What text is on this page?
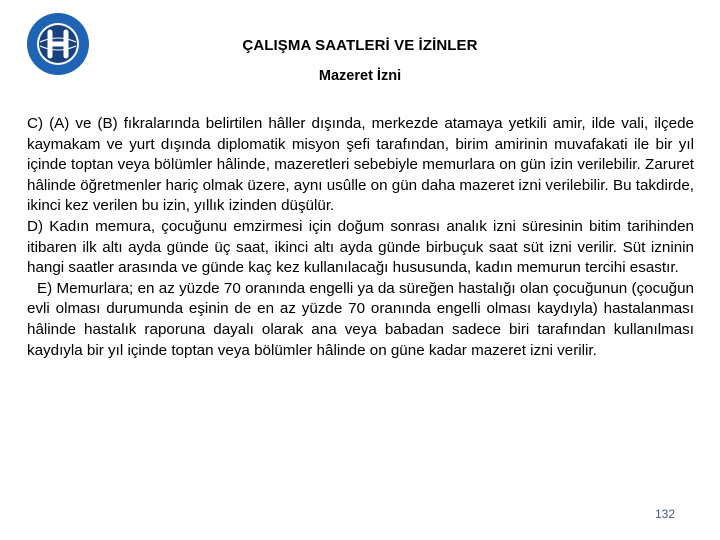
ÇALIŞMA SAATLERİ VE İZİNLER
Mazeret İzni

C) (A) ve (B) fıkralarında belirtilen hâller dışında, merkezde atamaya yetkili amir, ilde vali, ilçede kaymakam ve yurt dışında diplomatik misyon şefi tarafından, birim amirinin muvafakati ile bir yıl içinde toptan veya bölümler hâlinde, mazeretleri sebebiyle memurlara on gün izin verilebilir. Zaruret hâlinde öğretmenler hariç olmak üzere, aynı usûlle on gün daha mazeret izni verilebilir. Bu takdirde, ikinci kez verilen bu izin, yıllık izinden düşülür.

D) Kadın memura, çocuğunu emzirmesi için doğum sonrası analık izni süresinin bitim tarihinden itibaren ilk altı ayda günde üç saat, ikinci altı ayda günde birbuçuk saat süt izni verilir. Süt izninin hangi saatler arasında ve günde kaç kez kullanılacağı hususunda, kadın memurun tercihi esastır.

E) Memurlara; en az yüzde 70 oranında engelli ya da süreğen hastalığı olan çocuğunun (çocuğun evli olması durumunda eşinin de en az yüzde 70 oranında engelli olması kaydıyla) hastalanması hâlinde hastalık raporuna dayalı olarak ana veya babadan sadece biri tarafından kullanılması kaydıyla bir yıl içinde toptan veya bölümler hâlinde on güne kadar mazeret izni verilir.

132
